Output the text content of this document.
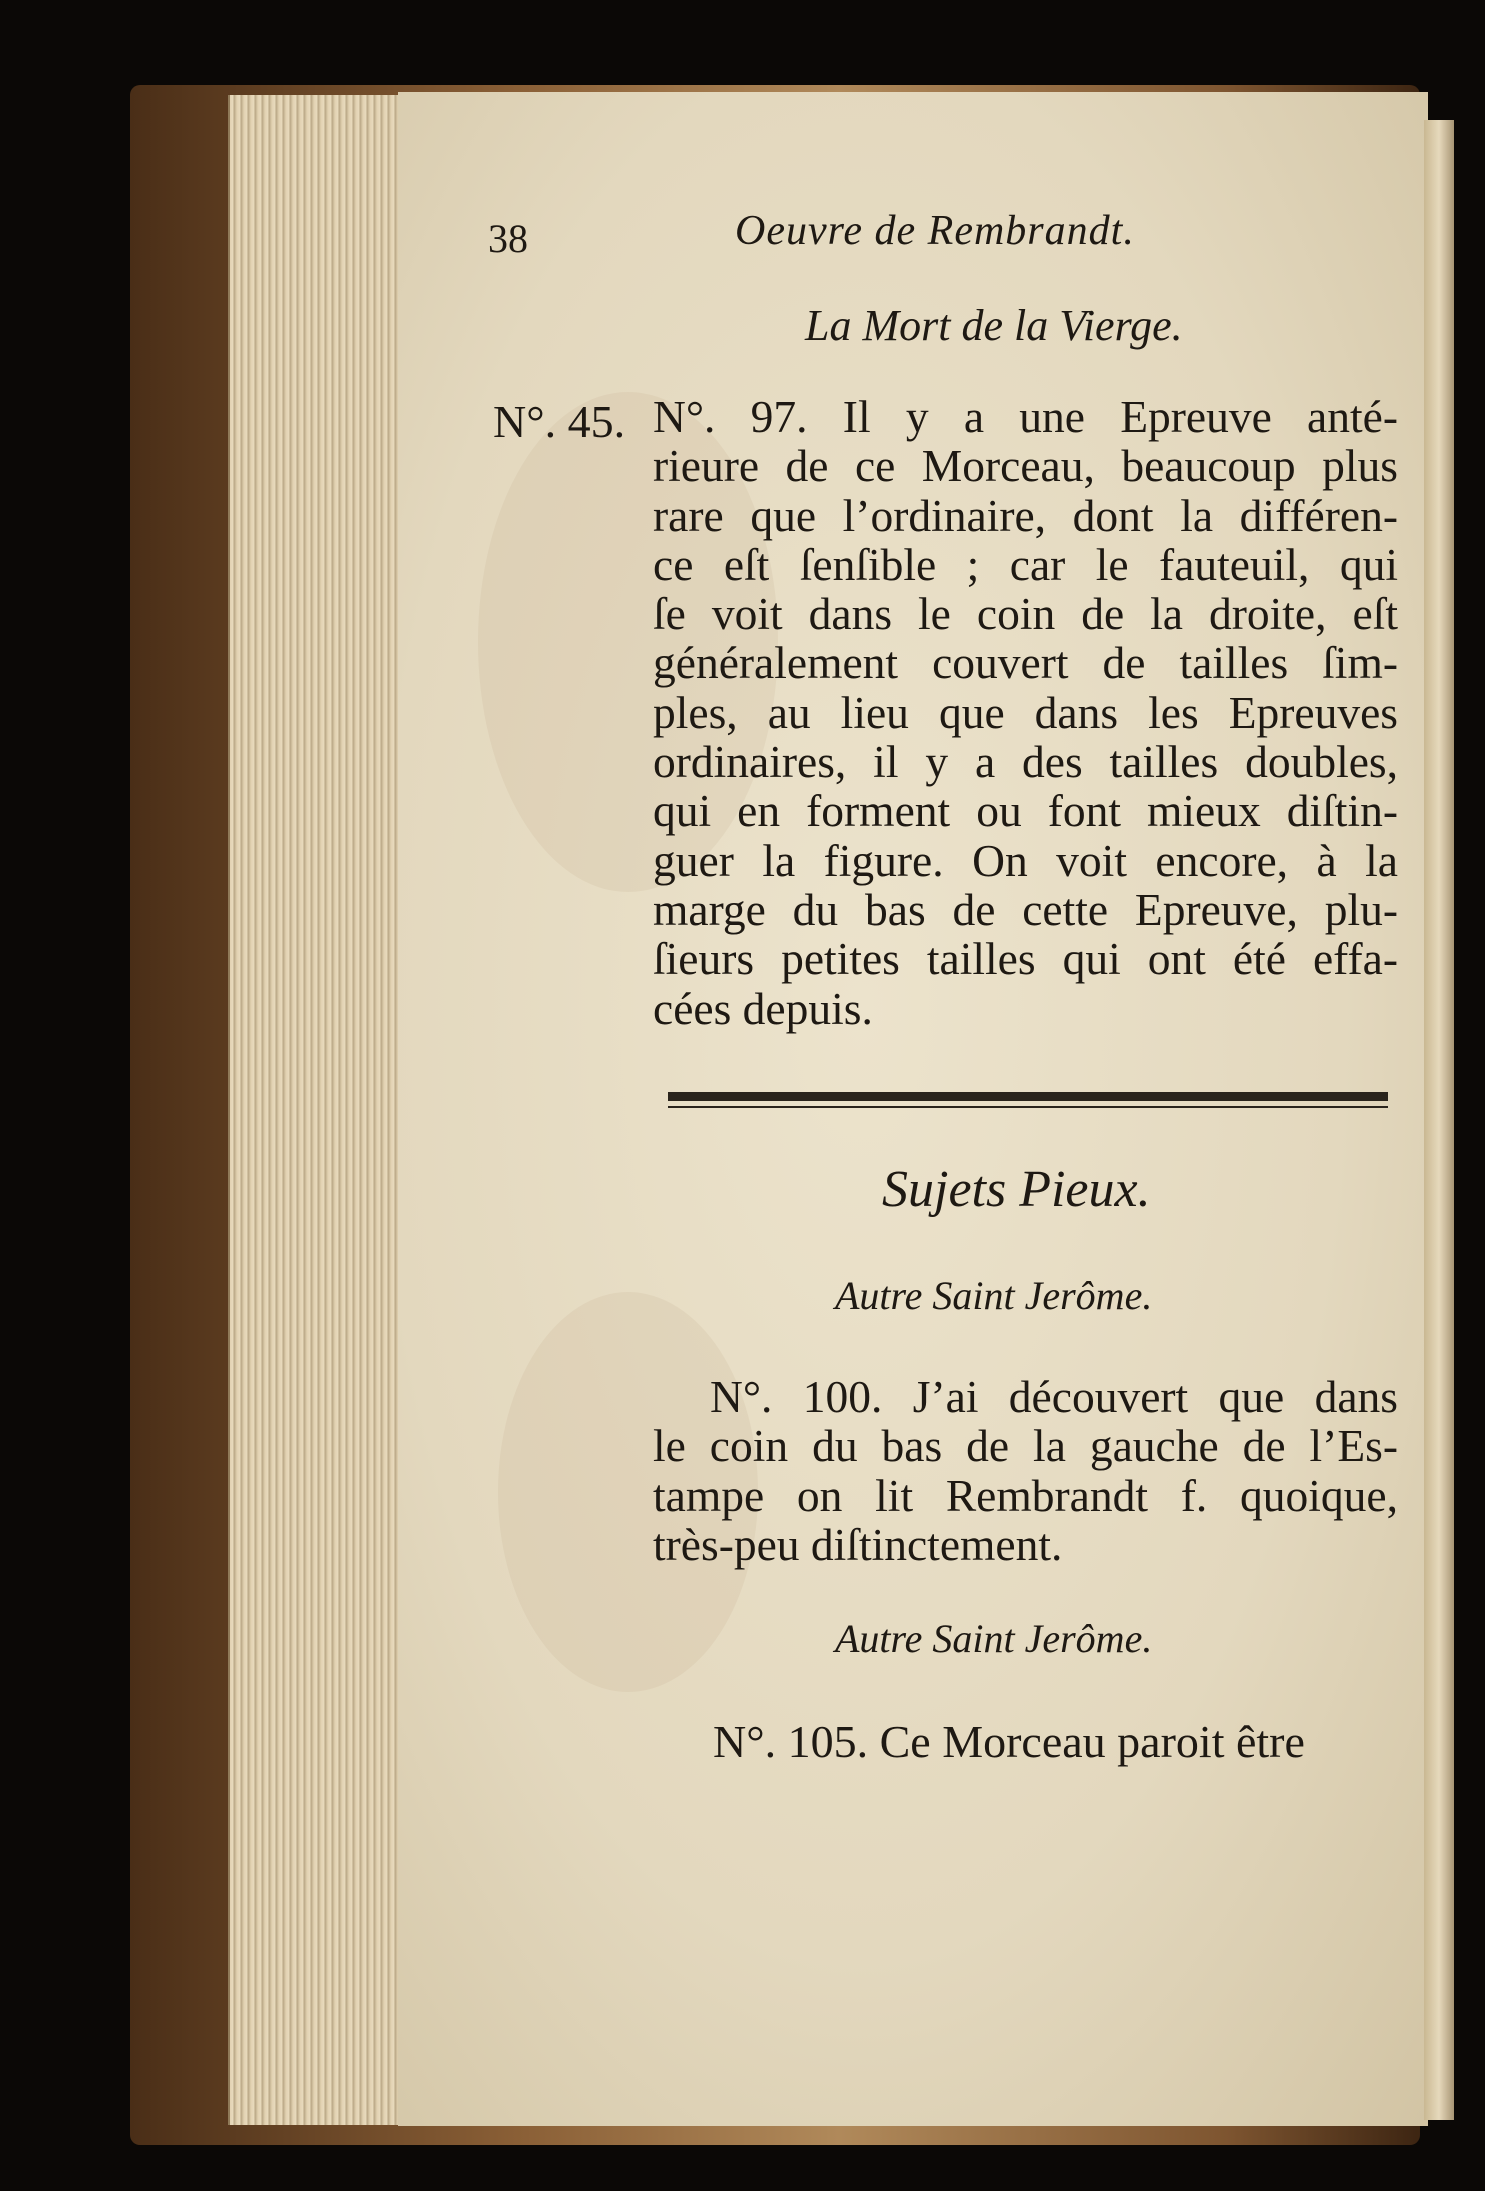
38	Oeuvre de Rembrandt.
La Mort de la Vierge.
N°. 45. N°. 97. Il y a une Epreuve anté-
rieure de ce Morceau, beaucoup plus
rare que l’ordinaire, dont la différen-
ce eſt ſenſible ; car le fauteuil, qui
ſe voit dans le coin de la droite, eſt
généralement couvert de tailles ſim-
ples, au lieu que dans les Epreuves
ordinaires, il y a des tailles doubles,
qui en forment ou font mieux diſtin-
guer la figure. On voit encore, à la
marge du bas de cette Epreuve, plu-
ſieurs petites tailles qui ont été effa-
cées depuis.
Sujets Pieux.
Autre Saint Jerôme.
N°. 100. J’ai découvert que dans
le coin du bas de la gauche de l’Es-
tampe on lit Rembrandt f. quoique,
très-peu diſtinctement.
Autre Saint Jerôme.
N°. 105. Ce Morceau paroit être
